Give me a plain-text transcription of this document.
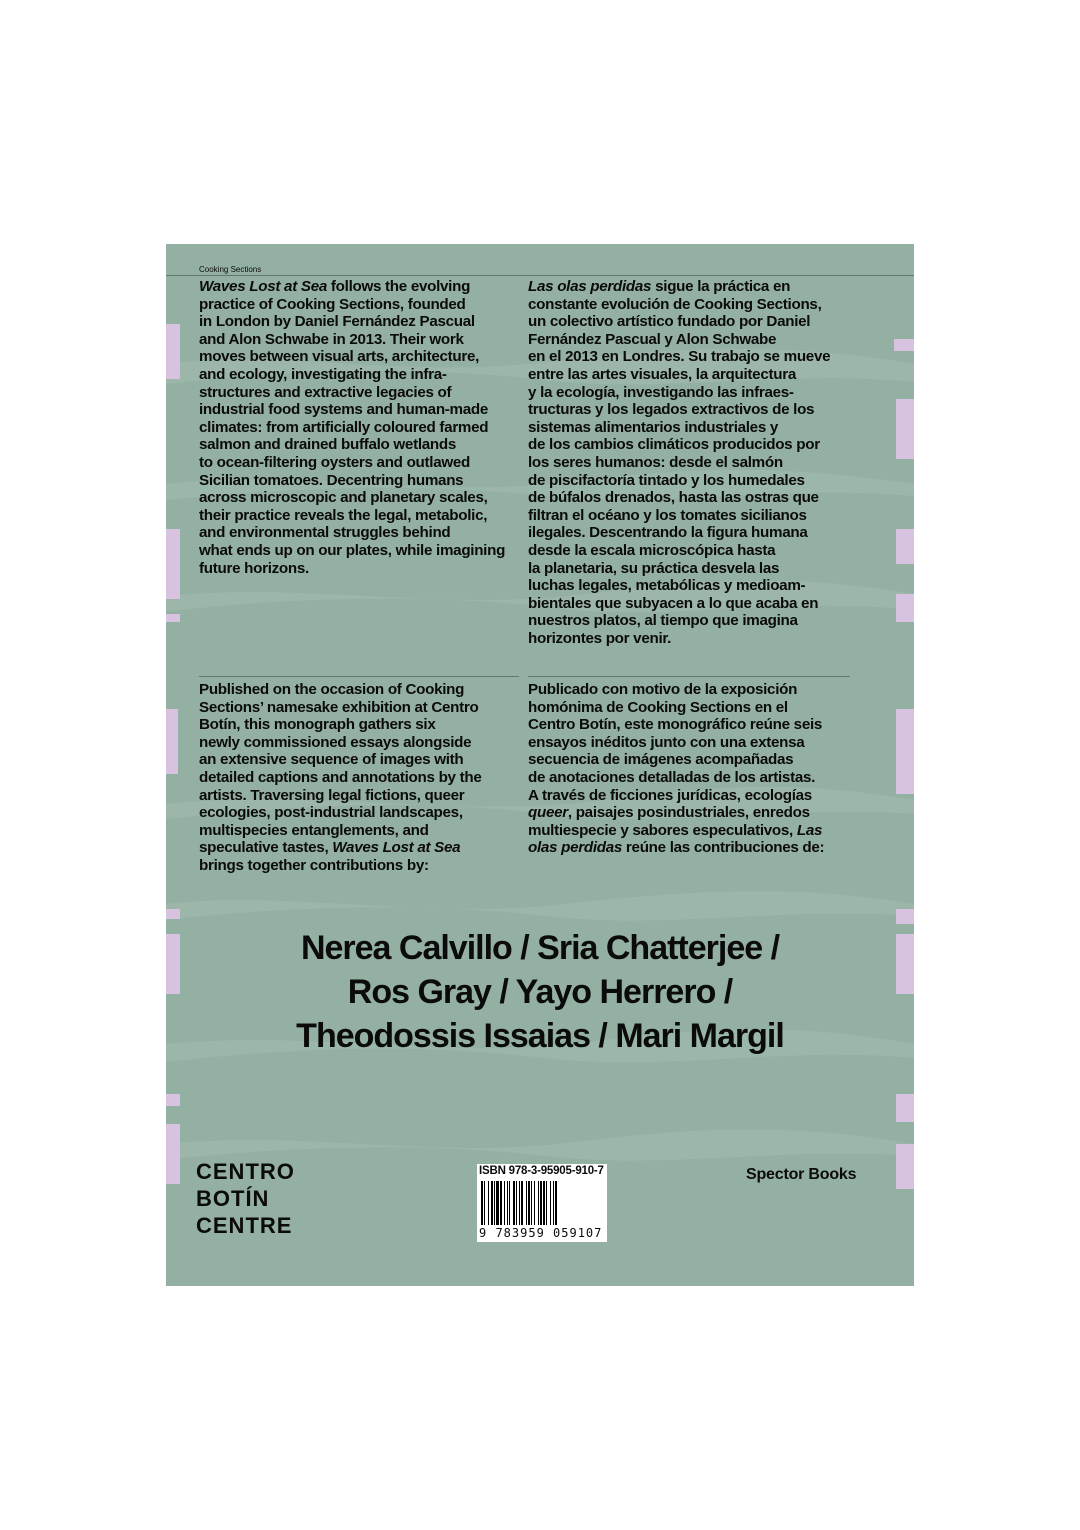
Cooking Sections
Waves Lost at Sea follows the evolving
practice of Cooking Sections, founded
in London by Daniel Fernández Pascual
and Alon Schwabe in 2013. Their work
moves between visual arts, architecture,
and ecology, investigating the infra-
structures and extractive legacies of
industrial food systems and human-made
climates: from artificially coloured farmed
salmon and drained buffalo wetlands
to ocean-filtering oysters and outlawed
Sicilian tomatoes. Decentring humans
across microscopic and planetary scales,
their practice reveals the legal, metabolic,
and environmental struggles behind
what ends up on our plates, while imagining
future horizons.
Las olas perdidas sigue la práctica en
constante evolución de Cooking Sections,
un colectivo artístico fundado por Daniel
Fernández Pascual y Alon Schwabe
en el 2013 en Londres. Su trabajo se mueve
entre las artes visuales, la arquitectura
y la ecología, investigando las infraes-
tructuras y los legados extractivos de los
sistemas alimentarios industriales y
de los cambios climáticos producidos por
los seres humanos: desde el salmón
de piscifactoría tintado y los humedales
de búfalos drenados, hasta las ostras que
filtran el océano y los tomates sicilianos
ilegales. Descentrando la figura humana
desde la escala microscópica hasta
la planetaria, su práctica desvela las
luchas legales, metabólicas y medioam-
bientales que subyacen a lo que acaba en
nuestros platos, al tiempo que imagina
horizontes por venir.
Published on the occasion of Cooking
Sections’ namesake exhibition at Centro
Botín, this monograph gathers six
newly commissioned essays alongside
an extensive sequence of images with
detailed captions and annotations by the
artists. Traversing legal fictions, queer
ecologies, post-industrial landscapes,
multispecies entanglements, and
speculative tastes, Waves Lost at Sea
brings together contributions by:
Publicado con motivo de la exposición
homónima de Cooking Sections en el
Centro Botín, este monográfico reúne seis
ensayos inéditos junto con una extensa
secuencia de imágenes acompañadas
de anotaciones detalladas de los artistas.
A través de ficciones jurídicas, ecologías
queer, paisajes posindustriales, enredos
multiespecie y sabores especulativos, Las
olas perdidas reúne las contribuciones de:
Nerea Calvillo / Sria Chatterjee /
Ros Gray / Yayo Herrero /
Theodossis Issaias / Mari Margil
CENTRO
BOTÍN
CENTRE
ISBN 978-3-95905-910-7
9 783959 059107
Spector Books
